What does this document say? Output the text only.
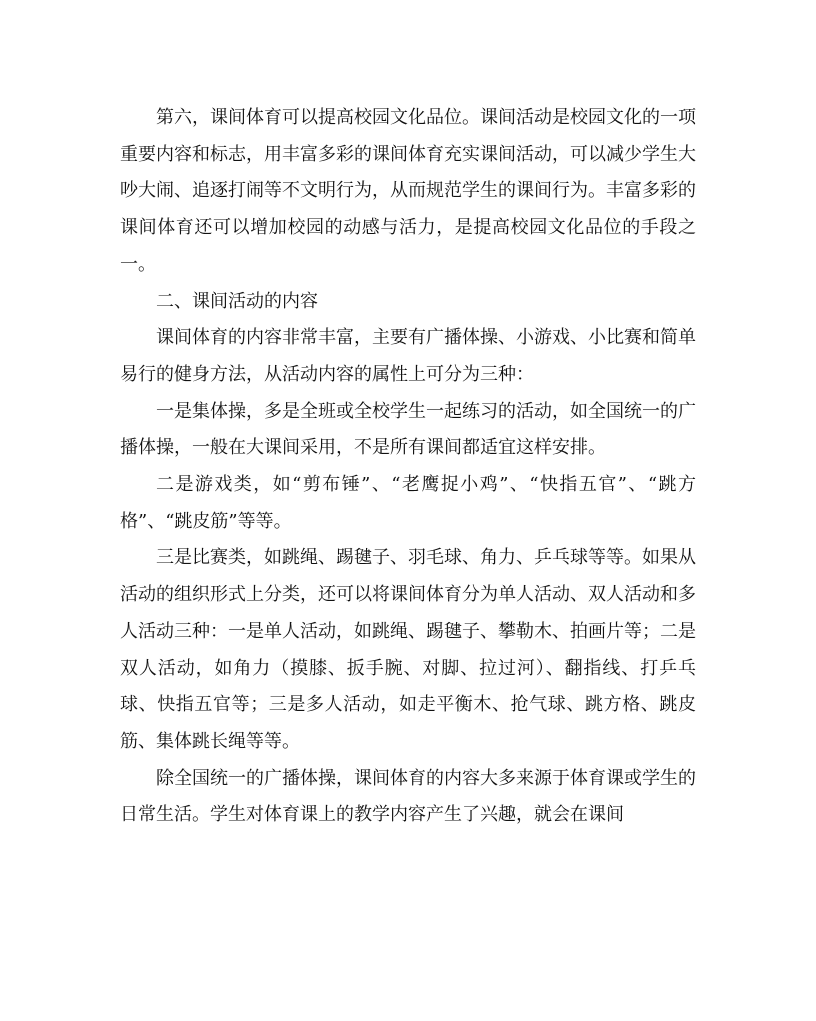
第六，课间体育可以提高校园文化品位。课间活动是校园文化的一项重要内容和标志，用丰富多彩的课间体育充实课间活动，可以减少学生大吵大闹、追逐打闹等不文明行为，从而规范学生的课间行为。丰富多彩的课间体育还可以增加校园的动感与活力，是提高校园文化品位的手段之一。

二、课间活动的内容

课间体育的内容非常丰富，主要有广播体操、小游戏、小比赛和简单易行的健身方法，从活动内容的属性上可分为三种：

一是集体操，多是全班或全校学生一起练习的活动，如全国统一的广播体操，一般在大课间采用，不是所有课间都适宜这样安排。

二是游戏类，如“剪布锤”、“老鹰捉小鸡”、“快指五官”、“跳方格”、“跳皮筋”等等。

三是比赛类，如跳绳、踢毽子、羽毛球、角力、乒乓球等等。如果从活动的组织形式上分类，还可以将课间体育分为单人活动、双人活动和多人活动三种：一是单人活动，如跳绳、踢毽子、攀勒木、拍画片等；二是双人活动，如角力（摸膝、扳手腕、对脚、拉过河）、翻指线、打乒乓球、快指五官等；三是多人活动，如走平衡木、抢气球、跳方格、跳皮筋、集体跳长绳等等。

除全国统一的广播体操，课间体育的内容大多来源于体育课或学生的日常生活。学生对体育课上的教学内容产生了兴趣，就会在课间
